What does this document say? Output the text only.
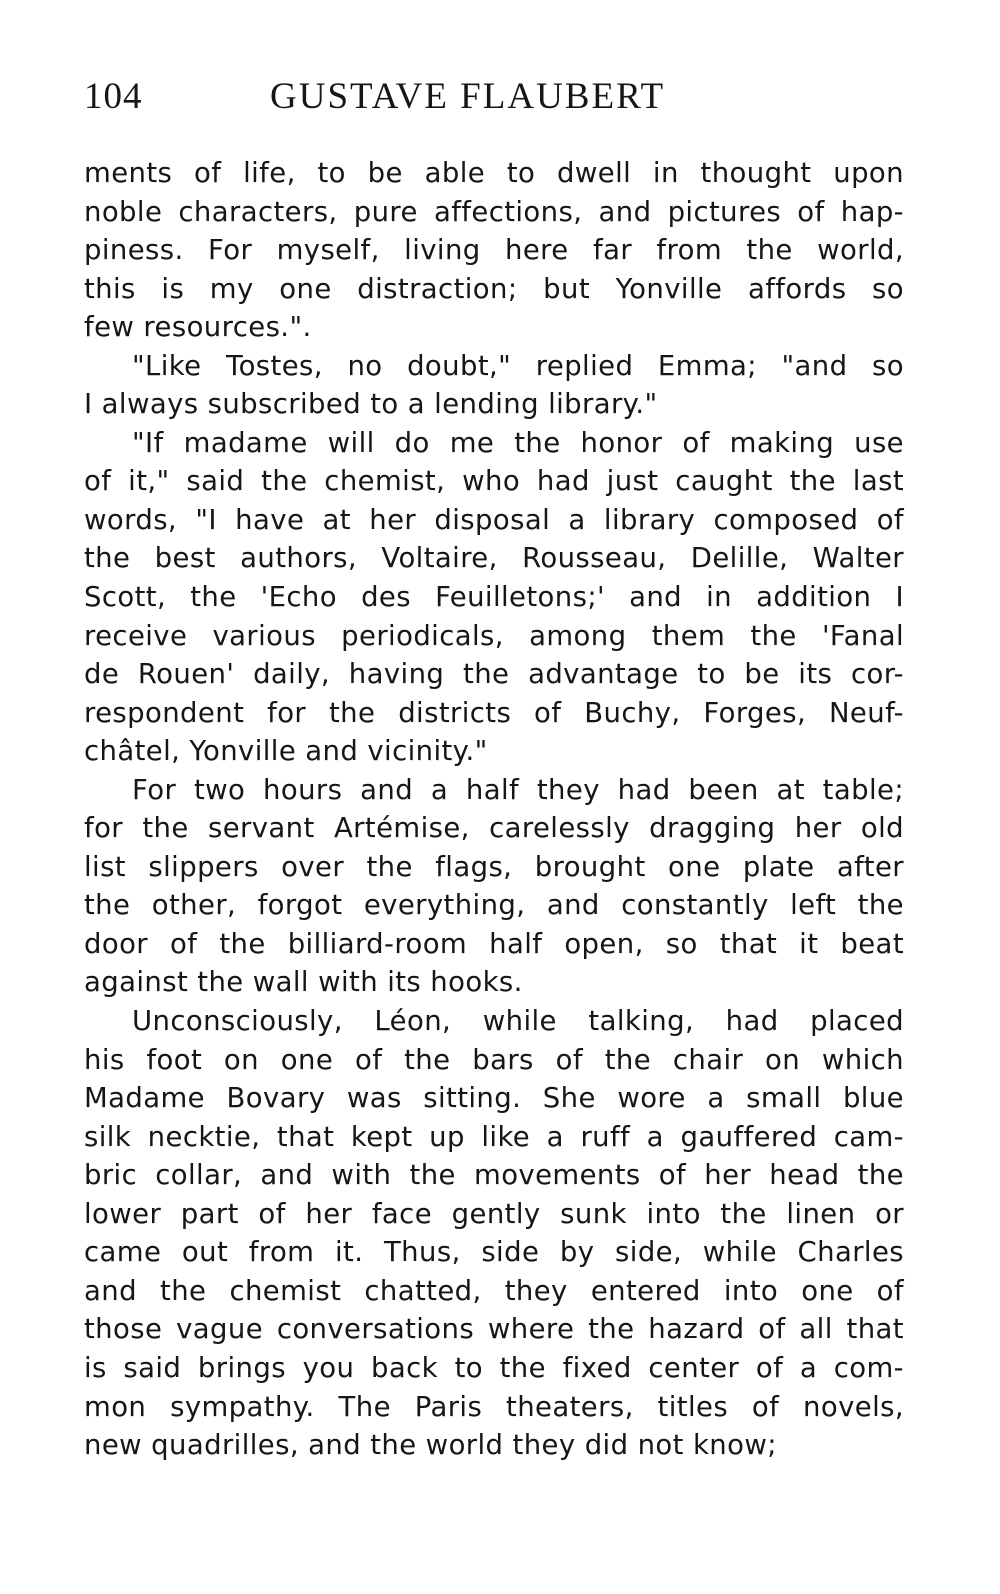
104	GUSTAVE FLAUBERT
ments of life, to be able to dwell in thought upon
noble characters, pure affections, and pictures of hap-
piness. For myself, living here far from the world,
this is my one distraction; but Yonville affords so
few resources.".
"Like Tostes, no doubt," replied Emma; "and so
I always subscribed to a lending library."
"If madame will do me the honor of making use
of it," said the chemist, who had just caught the last
words, "I have at her disposal a library composed of
the best authors, Voltaire, Rousseau, Delille, Walter
Scott, the 'Echo des Feuilletons;' and in addition I
receive various periodicals, among them the 'Fanal
de Rouen' daily, having the advantage to be its cor-
respondent for the districts of Buchy, Forges, Neuf-
châtel, Yonville and vicinity."
For two hours and a half they had been at table;
for the servant Artémise, carelessly dragging her old
list slippers over the flags, brought one plate after
the other, forgot everything, and constantly left the
door of the billiard-room half open, so that it beat
against the wall with its hooks.
Unconsciously, Léon, while talking, had placed
his foot on one of the bars of the chair on which
Madame Bovary was sitting. She wore a small blue
silk necktie, that kept up like a ruff a gauffered cam-
bric collar, and with the movements of her head the
lower part of her face gently sunk into the linen or
came out from it. Thus, side by side, while Charles
and the chemist chatted, they entered into one of
those vague conversations where the hazard of all that
is said brings you back to the fixed center of a com-
mon sympathy. The Paris theaters, titles of novels,
new quadrilles, and the world they did not know;
